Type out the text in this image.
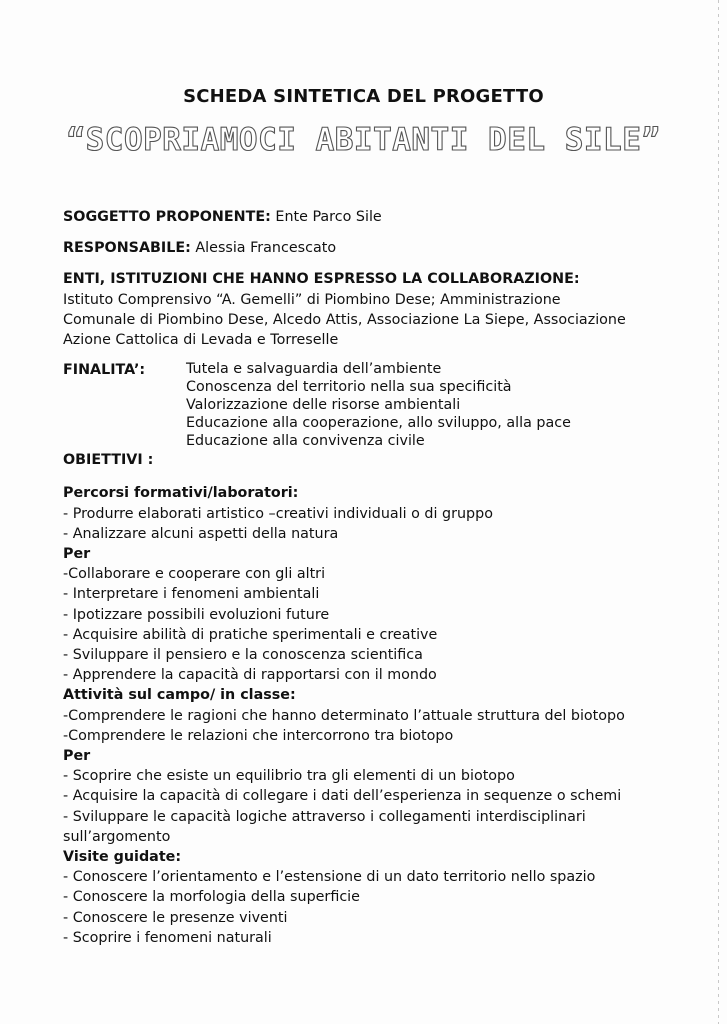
SCHEDA SINTETICA DEL PROGETTO
“SCOPRIAMOCI ABITANTI DEL SILE”

SOGGETTO PROPONENTE: Ente Parco Sile

RESPONSABILE: Alessia Francescato

ENTI, ISTITUZIONI CHE HANNO ESPRESSO LA COLLABORAZIONE:

Istituto Comprensivo “A. Gemelli” di Piombino Dese; Amministrazione

Comunale di Piombino Dese, Alcedo Attis, Associazione La Siepe, Associazione

Azione Cattolica di Levada e Torreselle

FINALITA’:	Tutela e salvaguardia dell’ambiente
Conoscenza del territorio nella sua specificità
Valorizzazione delle risorse ambientali
Educazione alla cooperazione, allo sviluppo, alla pace
Educazione alla convivenza civile

OBIETTIVI :

Percorsi formativi/laboratori:

- Produrre elaborati artistico –creativi individuali o di gruppo

- Analizzare alcuni aspetti della natura

Per

-Collaborare e cooperare con gli altri

- Interpretare i fenomeni ambientali

- Ipotizzare possibili evoluzioni future

- Acquisire abilità di pratiche sperimentali e creative

- Sviluppare il pensiero e la conoscenza scientifica

- Apprendere la capacità di rapportarsi con il mondo

Attività sul campo/ in classe:

-Comprendere le ragioni che hanno determinato l’attuale struttura del biotopo

-Comprendere le relazioni che intercorrono tra biotopo

Per

- Scoprire che esiste un equilibrio tra gli elementi di un biotopo

- Acquisire la capacità di collegare i dati dell’esperienza in sequenze o schemi

- Sviluppare le capacità logiche attraverso i collegamenti interdisciplinari

sull’argomento

Visite guidate:

- Conoscere l’orientamento e l’estensione di un dato territorio nello spazio

- Conoscere la morfologia della superficie

- Conoscere le presenze viventi

- Scoprire i fenomeni naturali
